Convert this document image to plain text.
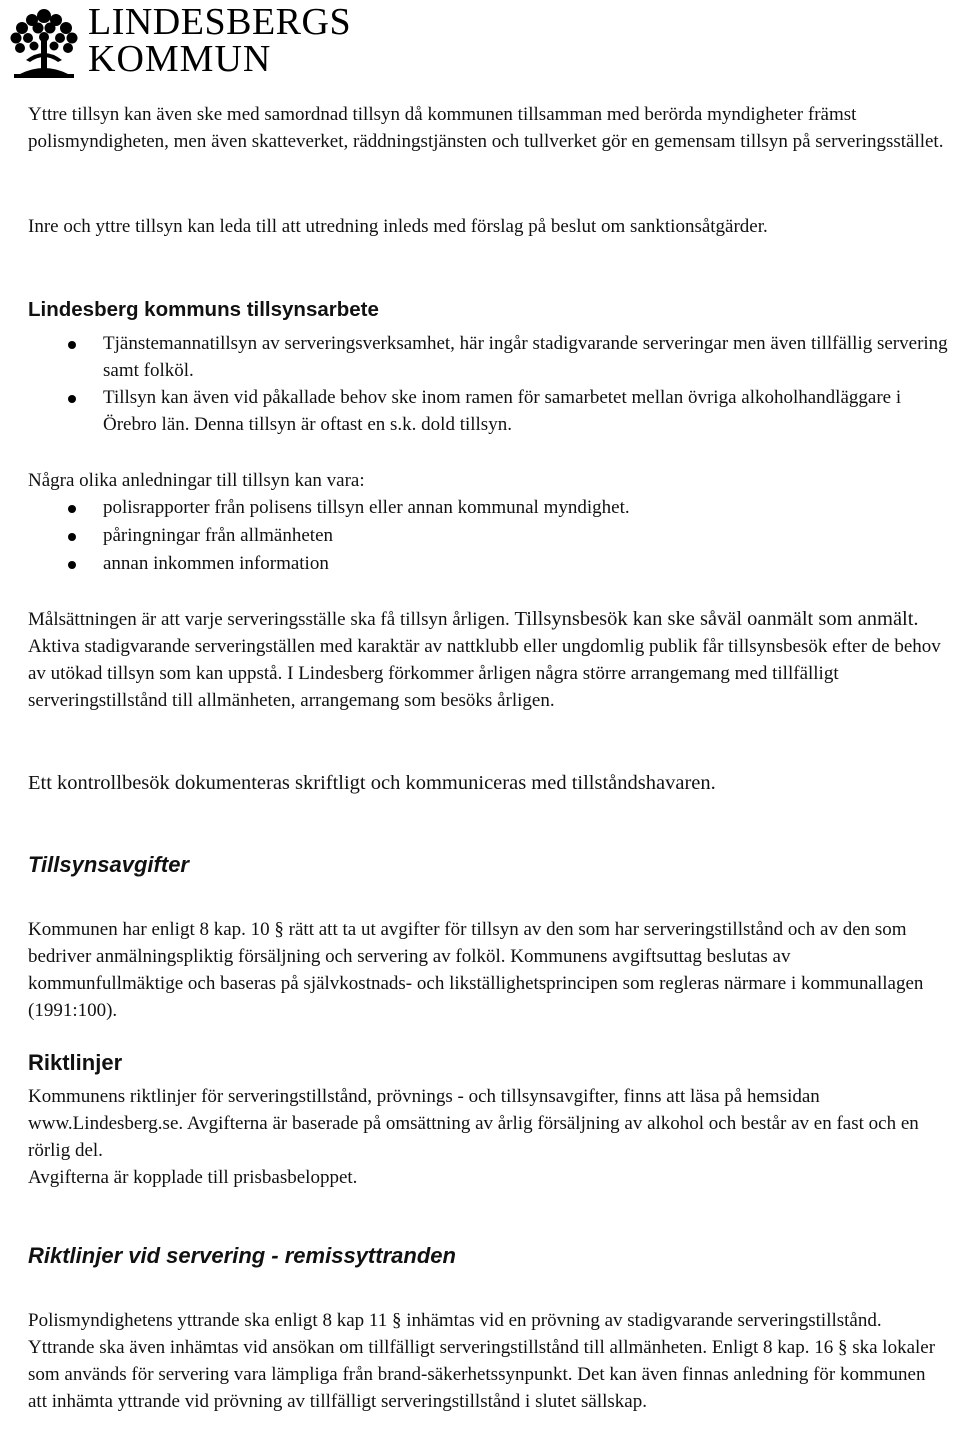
LINDESBERGS
KOMMUN

Yttre tillsyn kan även ske med samordnad tillsyn då kommunen tillsamman med berörda myndigheter främst polismyndigheten, men även skatteverket, räddningstjänsten och tullverket gör en gemensam tillsyn på serveringsstället.

Inre och yttre tillsyn kan leda till att utredning inleds med förslag på beslut om sanktionsåtgärder.

Lindesberg kommuns tillsynsarbete
Tjänstemannatillsyn av serveringsverksamhet, här ingår stadigvarande serveringar men även tillfällig servering samt folköl.
Tillsyn kan även vid påkallade behov ske inom ramen för samarbetet mellan övriga alkoholhandläggare i Örebro län. Denna tillsyn är oftast en s.k. dold tillsyn.

Några olika anledningar till tillsyn kan vara:

polisrapporter från polisens tillsyn eller annan kommunal myndighet.
påringningar från allmänheten
annan inkommen information

Målsättningen är att varje serveringsställe ska få tillsyn årligen. Tillsynsbesök kan ske såväl oanmält som anmält. Aktiva stadigvarande serveringställen med karaktär av nattklubb eller ungdomlig publik får tillsynsbesök efter de behov av utökad tillsyn som kan uppstå. I Lindesberg förkommer årligen några större arrangemang med tillfälligt serveringstillstånd till allmänheten, arrangemang som besöks årligen.

Ett kontrollbesök dokumenteras skriftligt och kommuniceras med tillståndshavaren.

Tillsynsavgifter

Kommunen har enligt 8 kap. 10 § rätt att ta ut avgifter för tillsyn av den som har serveringstillstånd och av den som bedriver anmälningspliktig försäljning och servering av folköl. Kommunens avgiftsuttag beslutas av kommunfullmäktige och baseras på självkostnads- och likställighetsprincipen som regleras närmare i kommunallagen (1991:100).

Riktlinjer

Kommunens riktlinjer för serveringstillstånd, prövnings - och tillsynsavgifter, finns att läsa på hemsidan www.Lindesberg.se. Avgifterna är baserade på omsättning av årlig försäljning av alkohol och består av en fast och en rörlig del.

Avgifterna är kopplade till prisbasbeloppet.

Riktlinjer vid servering - remissyttranden

Polismyndighetens yttrande ska enligt 8 kap 11 § inhämtas vid en prövning av stadigvarande serveringstillstånd. Yttrande ska även inhämtas vid ansökan om tillfälligt serveringstillstånd till allmänheten. Enligt 8 kap. 16 § ska lokaler som används för servering vara lämpliga från brand-säkerhetssynpunkt. Det kan även finnas anledning för kommunen att inhämta yttrande vid prövning av tillfälligt serveringstillstånd i slutet sällskap.
